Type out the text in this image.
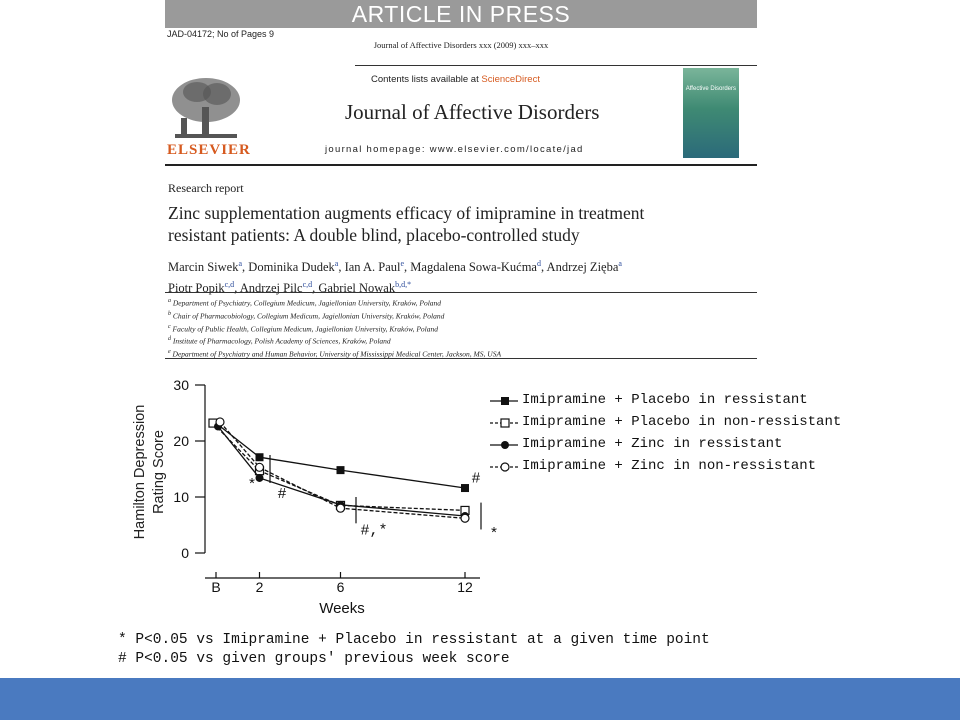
ARTICLE IN PRESS
JAD-04172; No of Pages 9
Journal of Affective Disorders xxx (2009) xxx–xxx
ELSEVIER
Contents lists available at ScienceDirect
Journal of Affective Disorders
journal homepage: www.elsevier.com/locate/jad
Affective Disorders
Research report
Zinc supplementation augments efficacy of imipramine in treatment
resistant patients: A double blind, placebo-controlled study
Marcin Siwek$^a$, Dominika Dudek$^a$, Ian A. Paul$^e$, Magdalena Sowa-Kućma$^d$, Andrzej Zięba$^a$
Piotr Popik$^{c,d}$, Andrzej Pilc$^{c,d}$, Gabriel Nowak$^{b,d,*}$
$^a$ Department of Psychiatry, Collegium Medicum, Jagiellonian University, Kraków, Poland
$^b$ Chair of Pharmacobiology, Collegium Medicum, Jagiellonian University, Kraków, Poland
$^c$ Faculty of Public Health, Collegium Medicum, Jagiellonian University, Kraków, Poland
$^d$ Institute of Pharmacology, Polish Academy of Sciences, Kraków, Poland
$^e$ Department of Psychiatry and Human Behavior, University of Mississippi Medical Center, Jackson, MS, USA
Hamilton Depression Rating Score
0
10
20
30
B 2	6	12
Weeks
*
#
#,*
#
*
Imipramine + Placebo in ressistant
Imipramine + Placebo in non-ressistant
Imipramine + Zinc in ressistant
Imipramine + Zinc in non-ressistant
* P<0.05 vs Imipramine + Placebo in ressistant at a given time point
# P<0.05 vs given groups' previous week score
